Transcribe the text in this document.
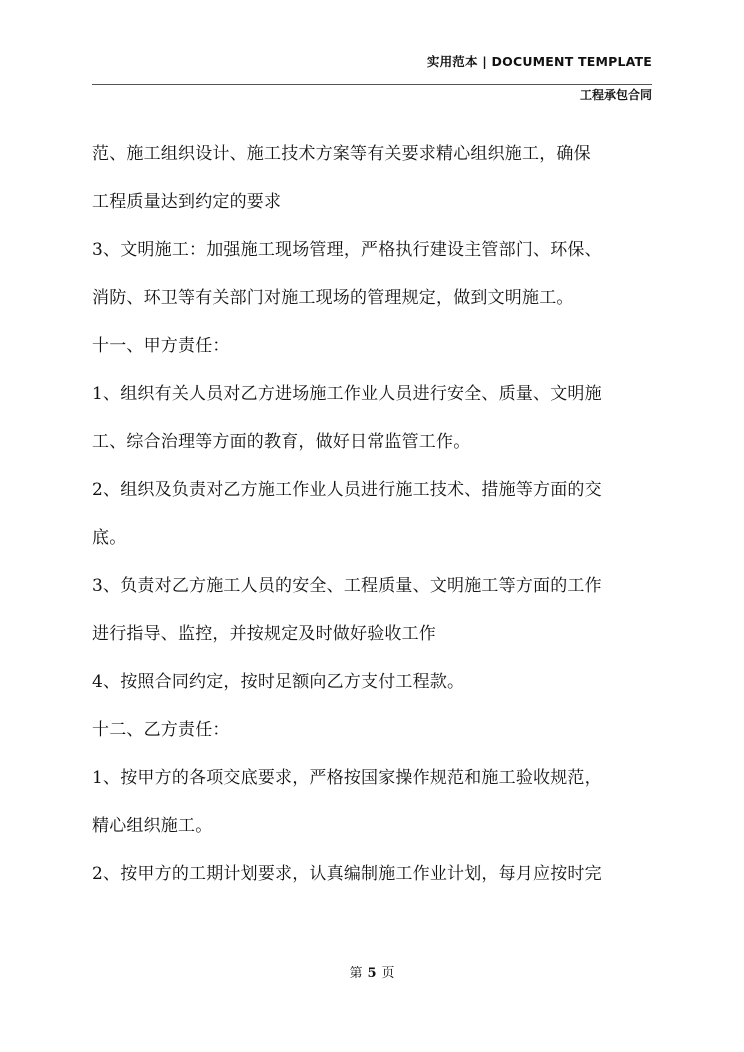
实用范本 | DOCUMENT TEMPLATE
工程承包合同
范、施工组织设计、施工技术方案等有关要求精心组织施工，确保
工程质量达到约定的要求
3、文明施工：加强施工现场管理，严格执行建设主管部门、环保、
消防、环卫等有关部门对施工现场的管理规定，做到文明施工。
十一、甲方责任：
1、组织有关人员对乙方进场施工作业人员进行安全、质量、文明施
工、综合治理等方面的教育，做好日常监管工作。
2、组织及负责对乙方施工作业人员进行施工技术、措施等方面的交
底。
3、负责对乙方施工人员的安全、工程质量、文明施工等方面的工作
进行指导、监控，并按规定及时做好验收工作
4、按照合同约定，按时足额向乙方支付工程款。
十二、乙方责任：
1、按甲方的各项交底要求，严格按国家操作规范和施工验收规范，
精心组织施工。
2、按甲方的工期计划要求，认真编制施工作业计划，每月应按时完
第 5 页
